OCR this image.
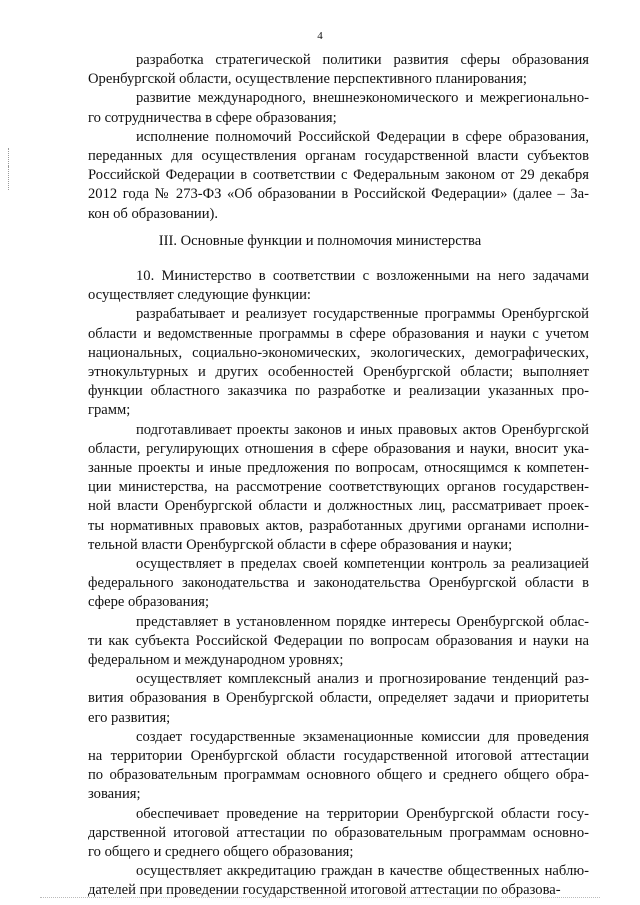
4
разработка стратегической политики развития сферы образования
Оренбургской области, осуществление перспективного планирования;
развитие международного, внешнеэкономического и межрегионально-
го сотрудничества в сфере образования;
исполнение полномочий Российской Федерации в сфере образования,
переданных для осуществления органам государственной власти субъектов
Российской Федерации в соответствии с Федеральным законом от 29 декабря
2012 года № 273-ФЗ «Об образовании в Российской Федерации» (далее – За-
кон об образовании).
10. Министерство в соответствии с возложенными на него задачами
осуществляет следующие функции:
разрабатывает и реализует государственные программы Оренбургской
области и ведомственные программы в сфере образования и науки с учетом
национальных, социально-экономических, экологических, демографических,
этнокультурных и других особенностей Оренбургской области; выполняет
функции областного заказчика по разработке и реализации указанных про-
грамм;
подготавливает проекты законов и иных правовых актов Оренбургской
области, регулирующих отношения в сфере образования и науки, вносит ука-
занные проекты и иные предложения по вопросам, относящимся к компетен-
ции министерства, на рассмотрение соответствующих органов государствен-
ной власти Оренбургской области и должностных лиц, рассматривает проек-
ты нормативных правовых актов, разработанных другими органами исполни-
тельной власти Оренбургской области в сфере образования и науки;
осуществляет в пределах своей компетенции контроль за реализацией
федерального законодательства и законодательства Оренбургской области в
сфере образования;
представляет в установленном порядке интересы Оренбургской облас-
ти как субъекта Российской Федерации по вопросам образования и науки на
федеральном и международном уровнях;
осуществляет комплексный анализ и прогнозирование тенденций раз-
вития образования в Оренбургской области, определяет задачи и приоритеты
его развития;
создает государственные экзаменационные комиссии для проведения
на территории Оренбургской области государственной итоговой аттестации
по образовательным программам основного общего и среднего общего обра-
зования;
обеспечивает проведение на территории Оренбургской области госу-
дарственной итоговой аттестации по образовательным программам основно-
го общего и среднего общего образования;
осуществляет аккредитацию граждан в качестве общественных наблю-
дателей при проведении государственной итоговой аттестации по образова-
III. Основные функции и полномочия министерства
